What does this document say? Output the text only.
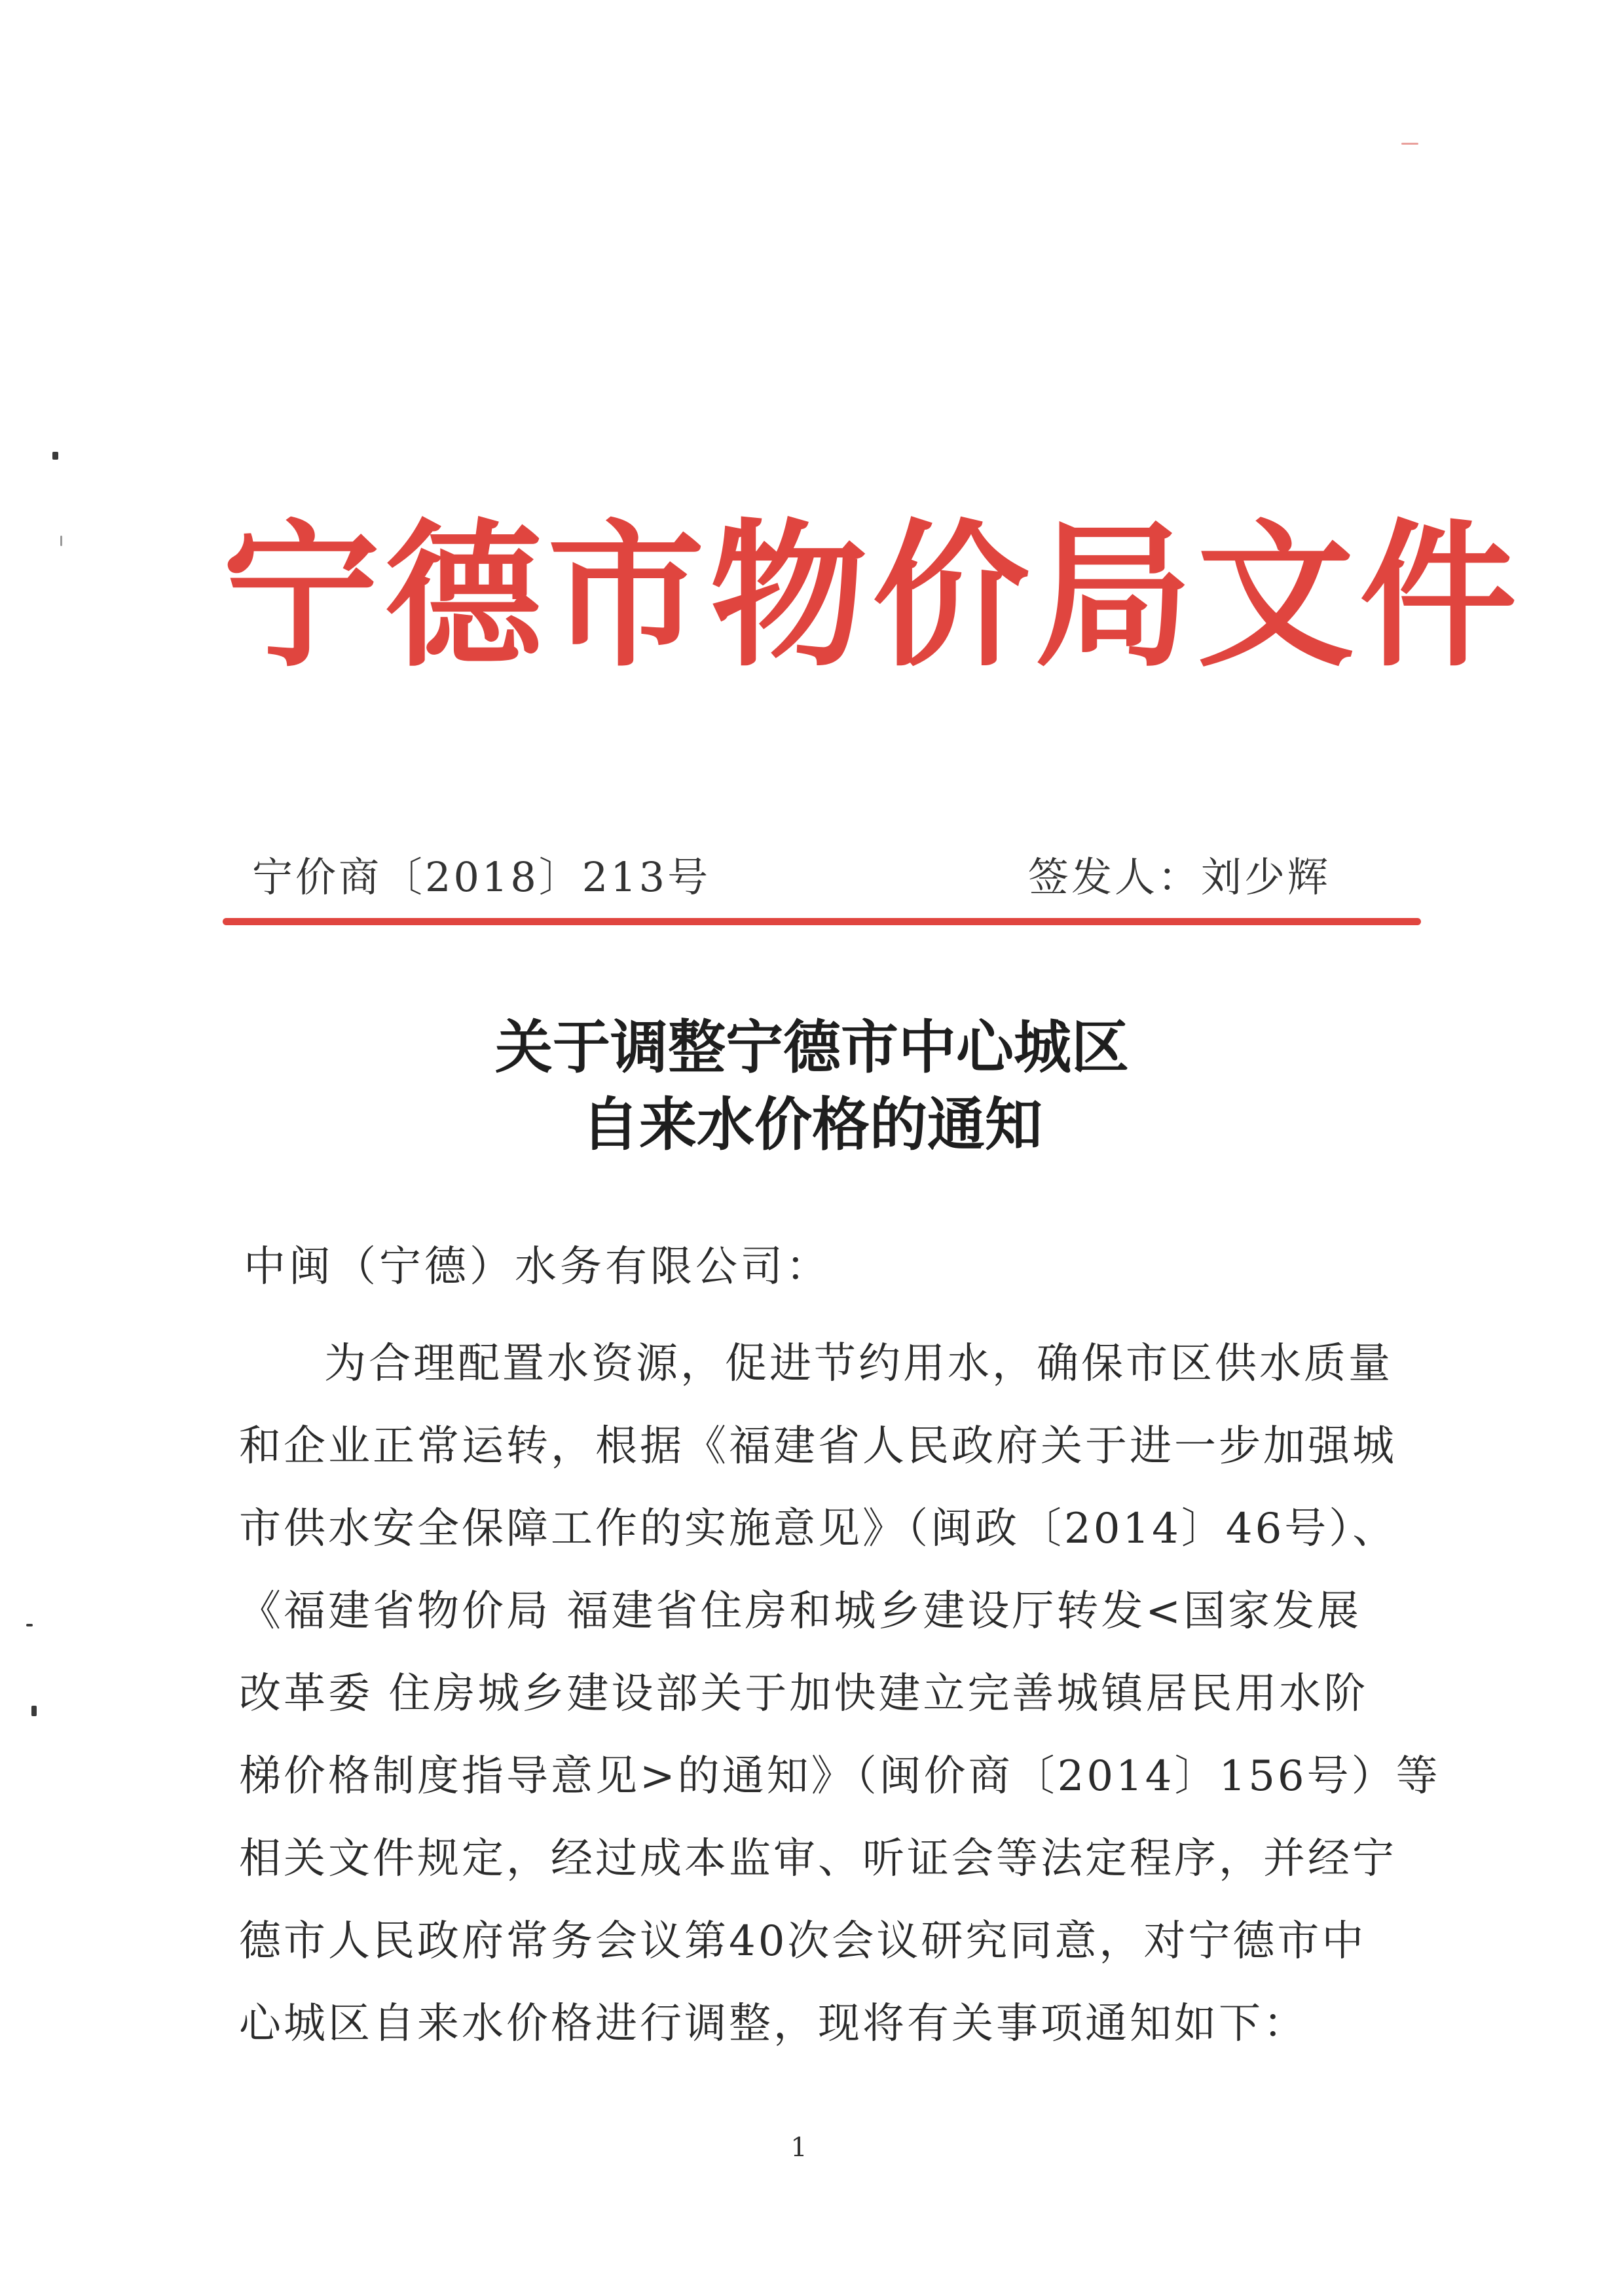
宁德市物价局文件
宁价商〔2018〕213号	签发人：刘少辉
关于调整宁德市中心城区
自来水价格的通知
中闽（宁德）水务有限公司：
为合理配置水资源，促进节约用水，确保市区供水质量
和企业正常运转，根据《福建省人民政府关于进一步加强城
市供水安全保障工作的实施意见》（闽政〔2014〕46号）、
《福建省物价局 福建省住房和城乡建设厅转发<国家发展
改革委 住房城乡建设部关于加快建立完善城镇居民用水阶
梯价格制度指导意见>的通知》（闽价商〔2014〕156号）等
相关文件规定，经过成本监审、听证会等法定程序，并经宁
德市人民政府常务会议第40次会议研究同意，对宁德市中
心城区自来水价格进行调整，现将有关事项通知如下：
1
